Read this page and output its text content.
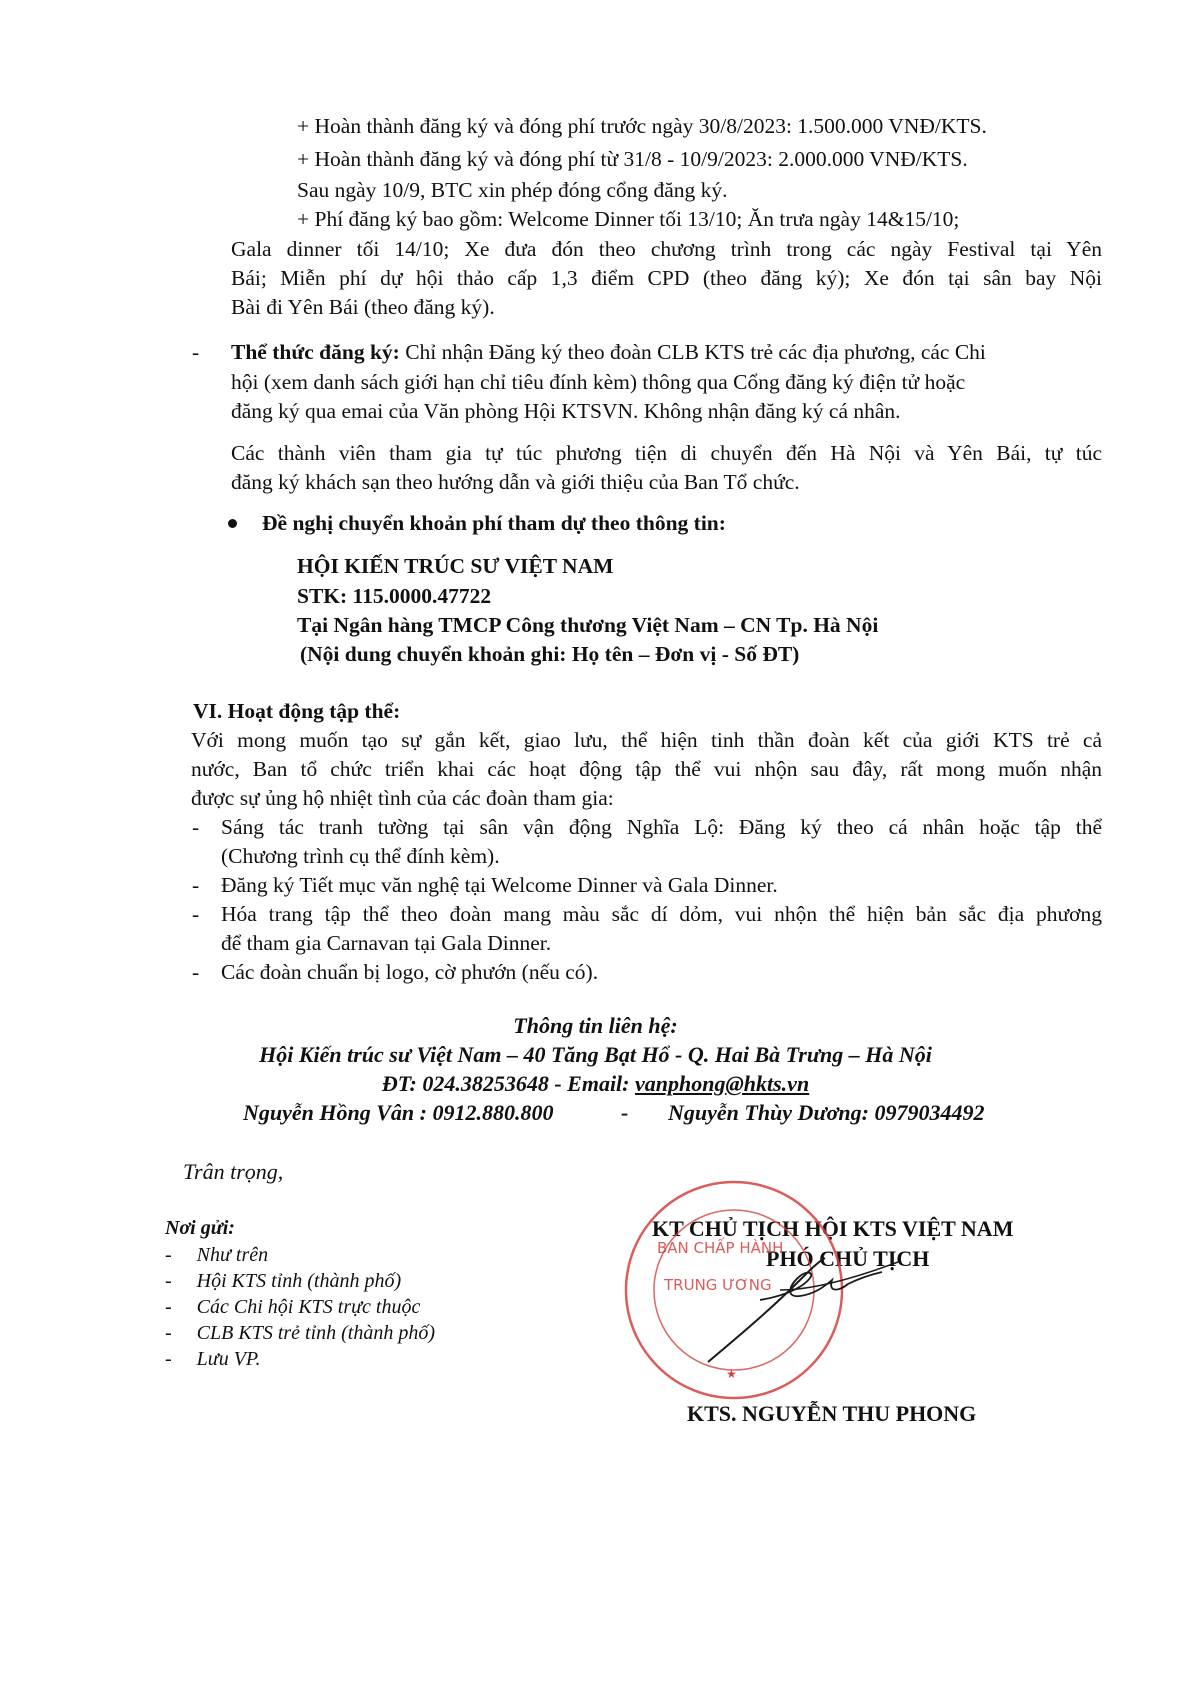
+ Hoàn thành đăng ký và đóng phí trước ngày 30/8/2023: 1.500.000 VNĐ/KTS.
+ Hoàn thành đăng ký và đóng phí từ 31/8 - 10/9/2023: 2.000.000 VNĐ/KTS.
Sau ngày 10/9, BTC xin phép đóng cổng đăng ký.
+ Phí đăng ký bao gồm: Welcome Dinner tối 13/10; Ăn trưa ngày 14&15/10;
Gala dinner tối 14/10; Xe đưa đón theo chương trình trong các ngày Festival tại Yên
Bái; Miễn phí dự hội thảo cấp 1,3 điểm CPD (theo đăng ký); Xe đón tại sân bay Nội
Bài đi Yên Bái (theo đăng ký).
- Thể thức đăng ký: Chỉ nhận Đăng ký theo đoàn CLB KTS trẻ các địa phương, các Chi
hội (xem danh sách giới hạn chỉ tiêu đính kèm) thông qua Cổng đăng ký điện tử hoặc
đăng ký qua emai của Văn phòng Hội KTSVN. Không nhận đăng ký cá nhân.
Các thành viên tham gia tự túc phương tiện di chuyển đến Hà Nội và Yên Bái, tự túc
đăng ký khách sạn theo hướng dẫn và giới thiệu của Ban Tổ chức.
Đề nghị chuyển khoản phí tham dự theo thông tin:
HỘI KIẾN TRÚC SƯ VIỆT NAM
STK: 115.0000.47722
Tại Ngân hàng TMCP Công thương Việt Nam – CN Tp. Hà Nội
(Nội dung chuyển khoản ghi: Họ tên – Đơn vị - Số ĐT)
VI. Hoạt động tập thể:
Với mong muốn tạo sự gắn kết, giao lưu, thể hiện tinh thần đoàn kết của giới KTS trẻ cả
nước, Ban tổ chức triển khai các hoạt động tập thể vui nhộn sau đây, rất mong muốn nhận
được sự ủng hộ nhiệt tình của các đoàn tham gia:
- Sáng tác tranh tường tại sân vận động Nghĩa Lộ: Đăng ký theo cá nhân hoặc tập thể
(Chương trình cụ thể đính kèm).
- Đăng ký Tiết mục văn nghệ tại Welcome Dinner và Gala Dinner.
- Hóa trang tập thể theo đoàn mang màu sắc dí dỏm, vui nhộn thể hiện bản sắc địa phương
để tham gia Carnavan tại Gala Dinner.
- Các đoàn chuẩn bị logo, cờ phướn (nếu có).
Thông tin liên hệ:
Hội Kiến trúc sư Việt Nam – 40 Tăng Bạt Hổ - Q. Hai Bà Trưng – Hà Nội
ĐT: 024.38253648 - Email: vanphong@hkts.vn
Nguyễn Hồng Vân : 0912.880.800	- Nguyễn Thùy Dương: 0979034492
Trân trọng,
KT CHỦ TỊCH HỘI KTS VIỆT NAM
PHÓ CHỦ TỊCH
BAN CHẤP HÀNH
TRUNG ƯƠNG
★
Nơi gửi:
-     Như trên
-     Hội KTS tỉnh (thành phố)
-     Các Chi hội KTS trực thuộc
-     CLB KTS trẻ tỉnh (thành phố)
-     Lưu VP.
KTS. NGUYỄN THU PHONG
